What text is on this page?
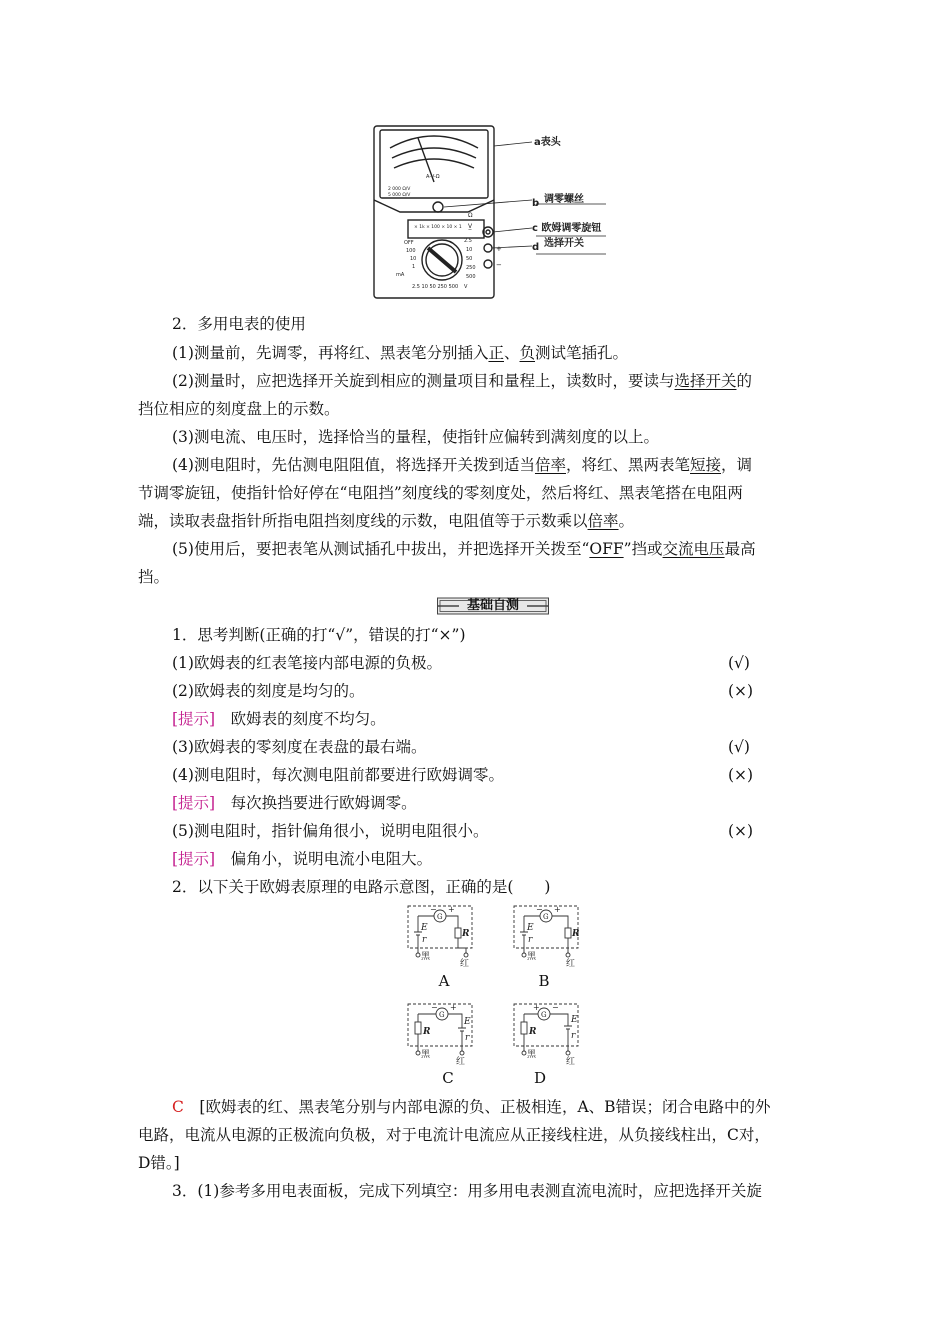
2 000 Ω/V
5 000 Ω/V
A-V-Ω
× 1k × 100 × 10 × 1 V̲
Ω
OFF
100
10
1
mA
2.5
10
50
250
500
2.5 10 50 250 500 V
+
−
a表头
b 调零螺丝
c 欧姆调零旋钮
d 选择开关
2．多用电表的使用
(1)测量前，先调零，再将红、黑表笔分别插入正、负测试笔插孔。
(2)测量时，应把选择开关旋到相应的测量项目和量程上，读数时，要读与选择开关的
挡位相应的刻度盘上的示数。
(3)测电流、电压时，选择恰当的量程，使指针应偏转到满刻度的以上。
(4)测电阻时，先估测电阻阻值，将选择开关拨到适当倍率，将红、黑两表笔短接，调
节调零旋钮，使指针恰好停在“电阻挡”刻度线的零刻度处，然后将红、黑表笔搭在电阻两
端，读取表盘指针所指电阻挡刻度线的示数，电阻值等于示数乘以倍率。
(5)使用后，要把表笔从测试插孔中拔出，并把选择开关拨至“OFF”挡或交流电压最高
挡。
基础自测
1．思考判断(正确的打“√”，错误的打“×”)
(1)欧姆表的红表笔接内部电源的负极。	(√)
(2)欧姆表的刻度是均匀的。	(×)
[提示]　 欧姆表的刻度不均匀。
(3)欧姆表的零刻度在表盘的最右端。	(√)
(4)测电阻时，每次测电阻前都要进行欧姆调零。	(×)
[提示]　 每次换挡要进行欧姆调零。
(5)测电阻时，指针偏角很小，说明电阻很小。	(×)
[提示]　 偏角小，说明电流小电阻大。
2．以下关于欧姆表原理的电路示意图，正确的是(　　)
G
+
−
E
r
R
黑
红
G
+
−
E
r
R
黑
红
G
+
−
R
E
r
黑
红
G
+ −
R
E
r
黑
红
A	B
C	D
C　 [欧姆表的红、黑表笔分别与内部电源的负、正极相连，A、B错误；闭合电路中的外
电路，电流从电源的正极流向负极，对于电流计电流应从正接线柱进，从负接线柱出，C对，
D错。]
3．(1)参考多用电表面板，完成下列填空：用多用电表测直流电流时，应把选择开关旋
